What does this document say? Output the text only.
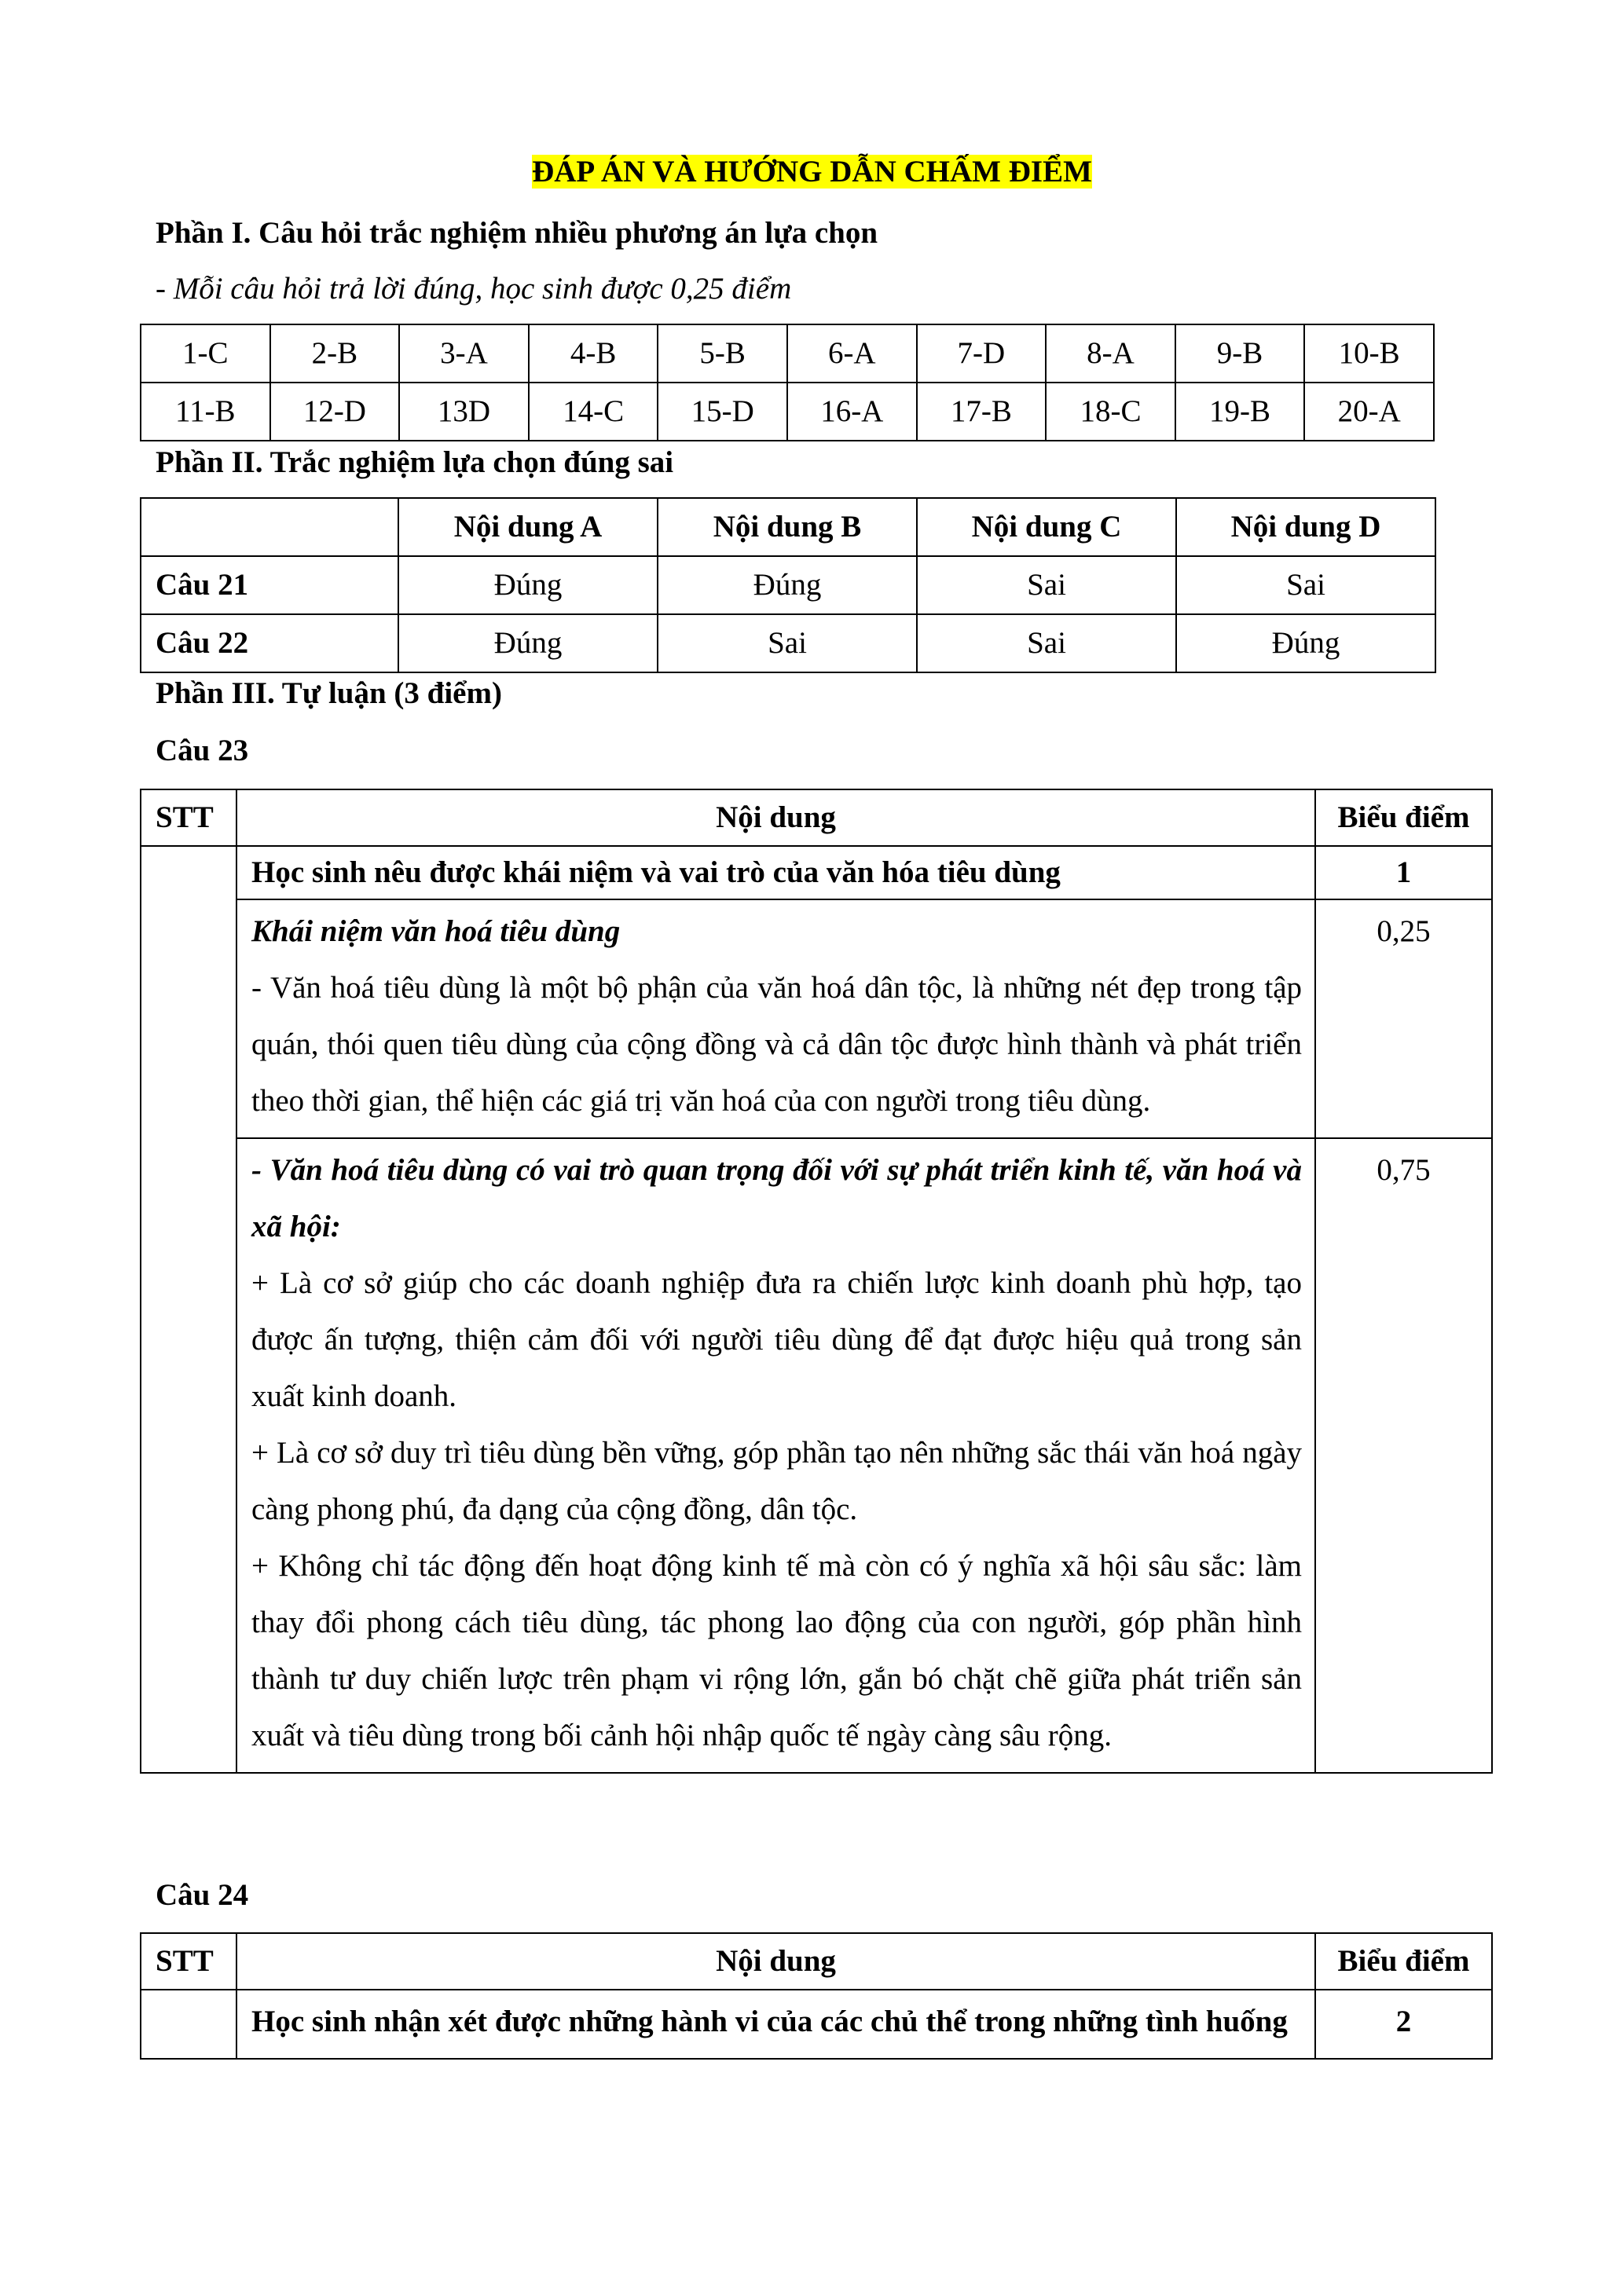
ĐÁP ÁN VÀ HƯỚNG DẪN CHẤM ĐIỂM
Phần I. Câu hỏi trắc nghiệm nhiều phương án lựa chọn
- Mỗi câu hỏi trả lời đúng, học sinh được 0,25 điểm
1-C	2-B	3-A	4-B	5-B	6-A	7-D	8-A	9-B	10-B
11-B	12-D	13D	14-C	15-D	16-A	17-B	18-C	19-B	20-A
Phần II. Trắc nghiệm lựa chọn đúng sai
	Nội dung A	Nội dung B	Nội dung C	Nội dung D
Câu 21	Đúng	Đúng	Sai	Sai
Câu 22	Đúng	Sai	Sai	Đúng
Phần III. Tự luận (3 điểm)
Câu 23
STT	Nội dung	Biểu điểm
	Học sinh nêu được khái niệm và vai trò của văn hóa tiêu dùng	1

	Khái niệm văn hoá tiêu dùng
- Văn hoá tiêu dùng là một bộ phận của văn hoá dân tộc, là những nét đẹp trong tập quán, thói quen tiêu dùng của cộng đồng và cả dân tộc được hình thành và phát triển theo thời gian, thể hiện các giá trị văn hoá của con người trong tiêu dùng.	0,25

	- Văn hoá tiêu dùng có vai trò quan trọng đối với sự phát triển kinh tế, văn hoá và xã hội:
+ Là cơ sở giúp cho các doanh nghiệp đưa ra chiến lược kinh doanh phù hợp, tạo được ấn tượng, thiện cảm đối với người tiêu dùng để đạt được hiệu quả trong sản xuất kinh doanh.
+ Là cơ sở duy trì tiêu dùng bền vững, góp phần tạo nên những sắc thái văn hoá ngày càng phong phú, đa dạng của cộng đồng, dân tộc.
+ Không chỉ tác động đến hoạt động kinh tế mà còn có ý nghĩa xã hội sâu sắc: làm thay đổi phong cách tiêu dùng, tác phong lao động của con người, góp phần hình thành tư duy chiến lược trên phạm vi rộng lớn, gắn bó chặt chẽ giữa phát triển sản xuất và tiêu dùng trong bối cảnh hội nhập quốc tế ngày càng sâu rộng.	0,75
Câu 24
STT	Nội dung	Biểu điểm
	Học sinh nhận xét được những hành vi của các chủ thể trong những tình huống	2
